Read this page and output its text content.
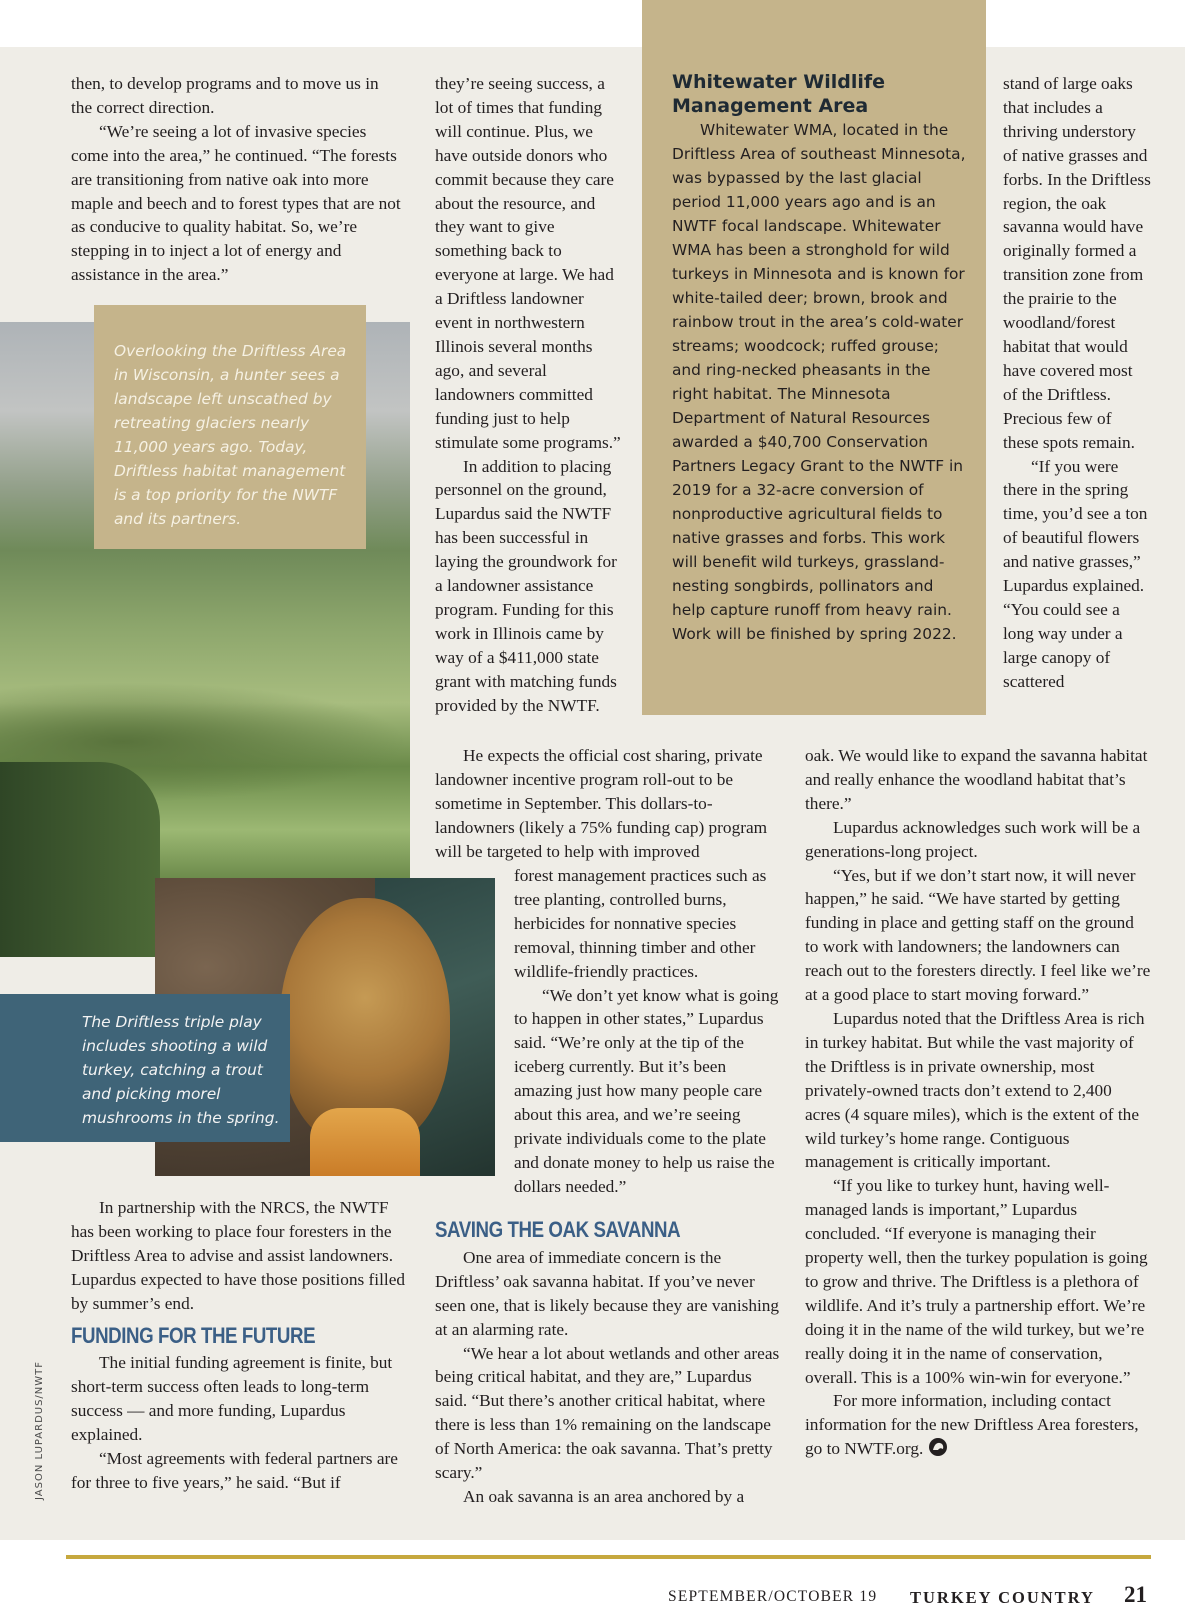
Whitewater Wildlife
Management Area

Whitewater WMA, located in the Driftless Area of southeast Minnesota, was bypassed by the last glacial period 11,000 years ago and is an NWTF focal landscape. Whitewater WMA has been a stronghold for wild turkeys in Minnesota and is known for white-tailed deer; brown, brook and rainbow trout in the area’s cold-water streams; woodcock; ruffed grouse; and ring-necked pheasants in the right habitat. The Minnesota Department of Natural Resources awarded a $40,700 Conservation Partners Legacy Grant to the NWTF in 2019 for a 32-acre conversion of nonproductive agricultural fields to native grasses and forbs. This work will benefit wild turkeys, grassland-nesting songbirds, pollinators and help capture runoff from heavy rain. Work will be finished by spring 2022.

Overlooking the Driftless Area in Wisconsin, a hunter sees a landscape left unscathed by retreating glaciers nearly 11,000 years ago. Today, Driftless habitat management is a top priority for the NWTF and its partners.
The Driftless triple play includes shooting a wild turkey, catching a trout and picking morel mushrooms in the spring.

then, to develop programs and to move us in the correct direction.

“We’re seeing a lot of invasive species come into the area,” he continued. “The forests are transitioning from native oak into more maple and beech and to forest types that are not as conducive to quality habitat. So, we’re stepping in to inject a lot of energy and assistance in the area.”

In partnership with the NRCS, the NWTF has been working to place four foresters in the Driftless Area to advise and assist landowners. Lupardus expected to have those positions filled by summer’s end.

FUNDING FOR THE FUTURE

The initial funding agreement is finite, but short-term success often leads to long-term success — and more funding, Lupardus explained.

“Most agreements with federal partners are for three to five years,” he said. “But if

they’re seeing success, a lot of times that funding will continue. Plus, we have outside donors who commit because they care about the resource, and they want to give something back to everyone at large. We had a Driftless landowner event in northwestern Illinois several months ago, and several landowners committed funding just to help stimulate some programs.”

In addition to placing personnel on the ground, Lupardus said the NWTF has been successful in laying the groundwork for a landowner assistance program. Funding for this work in Illinois came by way of a $411,000 state grant with matching funds provided by the NWTF.

He expects the official cost sharing, private landowner incentive program roll-out to be sometime in September. This dollars-to-landowners (likely a 75% funding cap) program will be targeted to help with improved

forest management practices such as tree planting, controlled burns, herbicides for nonnative species removal, thinning timber and other wildlife-friendly practices.

“We don’t yet know what is going to happen in other states,” Lupardus said. “We’re only at the tip of the iceberg currently. But it’s been amazing just how many people care about this area, and we’re seeing private individuals come to the plate and donate money to help us raise the dollars needed.”

SAVING THE OAK SAVANNA

One area of immediate concern is the Driftless’ oak savanna habitat. If you’ve never seen one, that is likely because they are vanishing at an alarming rate.

“We hear a lot about wetlands and other areas being critical habitat, and they are,” Lupardus said. “But there’s another critical habitat, where there is less than 1% remaining on the landscape of North America: the oak savanna. That’s pretty scary.”

An oak savanna is an area anchored by a

stand of large oaks that includes a thriving understory of native grasses and forbs. In the Driftless region, the oak savanna would have originally formed a transition zone from the prairie to the woodland/forest habitat that would have covered most of the Driftless. Precious few of these spots remain.

“If you were there in the spring time, you’d see a ton of beautiful flowers and native grasses,” Lupardus explained. “You could see a long way under a large canopy of scattered

oak. We would like to expand the savanna habitat and really enhance the woodland habitat that’s there.”

Lupardus acknowledges such work will be a generations-long project.

“Yes, but if we don’t start now, it will never happen,” he said. “We have started by getting funding in place and getting staff on the ground to work with landowners; the landowners can reach out to the foresters directly. I feel like we’re at a good place to start moving forward.”

Lupardus noted that the Driftless Area is rich in turkey habitat. But while the vast majority of the Driftless is in private ownership, most privately-owned tracts don’t extend to 2,400 acres (4 square miles), which is the extent of the wild turkey’s home range. Contiguous management is critically important.

“If you like to turkey hunt, having well-managed lands is important,” Lupardus concluded. “If everyone is managing their property well, then the turkey population is going to grow and thrive. The Driftless is a plethora of wildlife. And it’s truly a partnership effort. We’re doing it in the name of the wild turkey, but we’re really doing it in the name of conservation, overall. This is a 100% win-win for everyone.”

For more information, including contact information for the new Driftless Area foresters, go to NWTF.org.

JASON LUPARDUS/NWTF
SEPTEMBER/OCTOBER 19 TURKEY COUNTRY 21
